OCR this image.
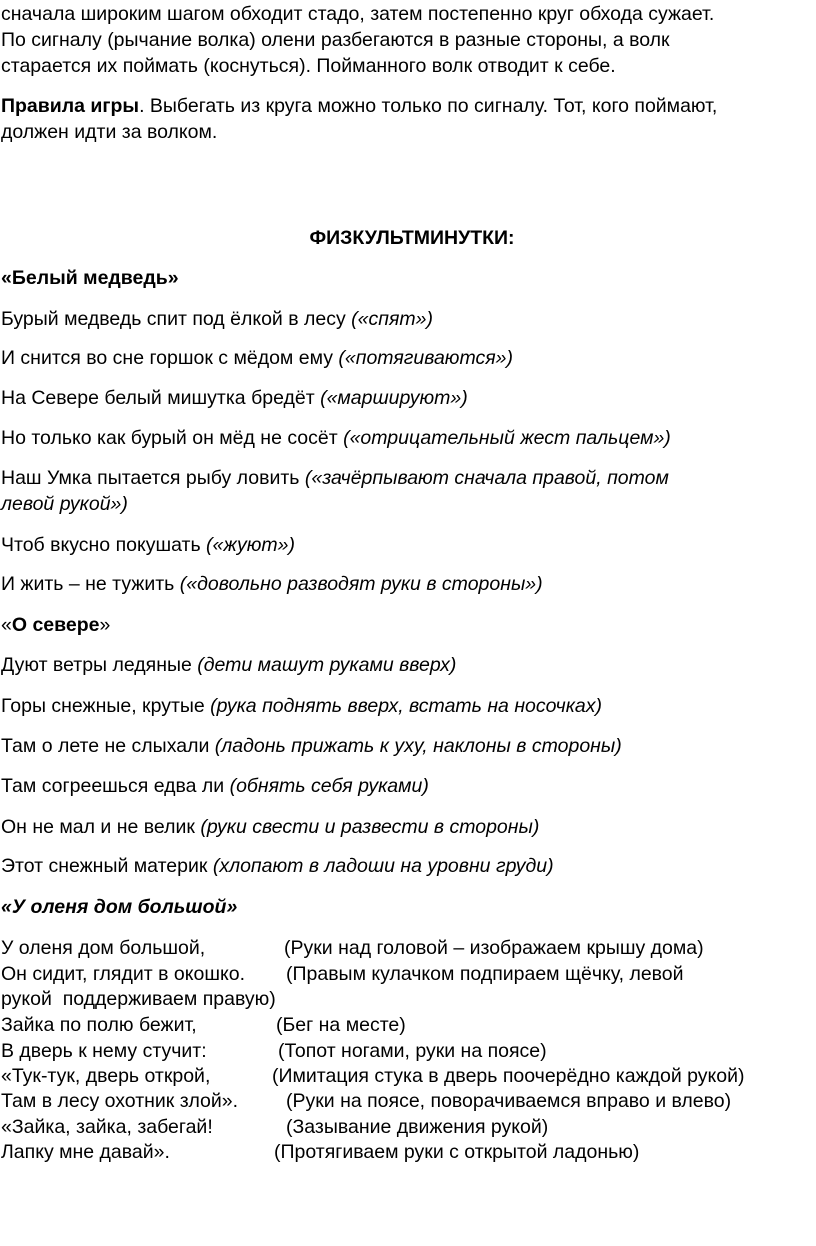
сначала широким шагом обходит стадо, затем постепенно круг обхода сужает.

По сигналу (рычание волка) олени разбегаются в разные стороны, а волк

старается их поймать (коснуться). Пойманного волк отводит к себе.

Правила игры. Выбегать из круга можно только по сигналу. Тот, кого поймают,

должен идти за волком.

ФИЗКУЛЬТМИНУТКИ:

«Белый медведь»

Бурый медведь спит под ёлкой в лесу («спят»)

И снится во сне горшок с мёдом ему («потягиваются»)

На Севере белый мишутка бредёт («маршируют»)

Но только как бурый он мёд не сосёт («отрицательный жест пальцем»)

Наш Умка пытается рыбу ловить («зачёрпывают сначала правой, потом

левой рукой»)

Чтоб вкусно покушать («жуют»)

И жить – не тужить («довольно разводят руки в стороны»)

«О севере»

Дуют ветры ледяные (дети машут руками вверх)

Горы снежные, крутые (рука поднять вверх, встать на носочках)

Там о лете не слыхали (ладонь прижать к уху, наклоны в стороны)

Там согреешься едва ли (обнять себя руками)

Он не мал и не велик (руки свести и развести в стороны)

Этот снежный материк (хлопают в ладоши на уровни груди)

«У оленя дом большой»

У оленя дом большой,	(Руки над головой – изображаем крышу дома)

Он сидит, глядит в окошко. (Правым кулачком подпираем щёчку, левой

рукой  поддерживаем правую)

Зайка по полю бежит,	(Бег на месте)

В дверь к нему стучит:	(Топот ногами, руки на поясе)

«Тук-тук, дверь открой,	(Имитация стука в дверь поочерёдно каждой рукой)

Там в лесу охотник злой». (Руки на поясе, поворачиваемся вправо и влево)

«Зайка, зайка, забегай!	(Зазывание движения рукой)

Лапку мне давай».	(Протягиваем руки с открытой ладонью)
